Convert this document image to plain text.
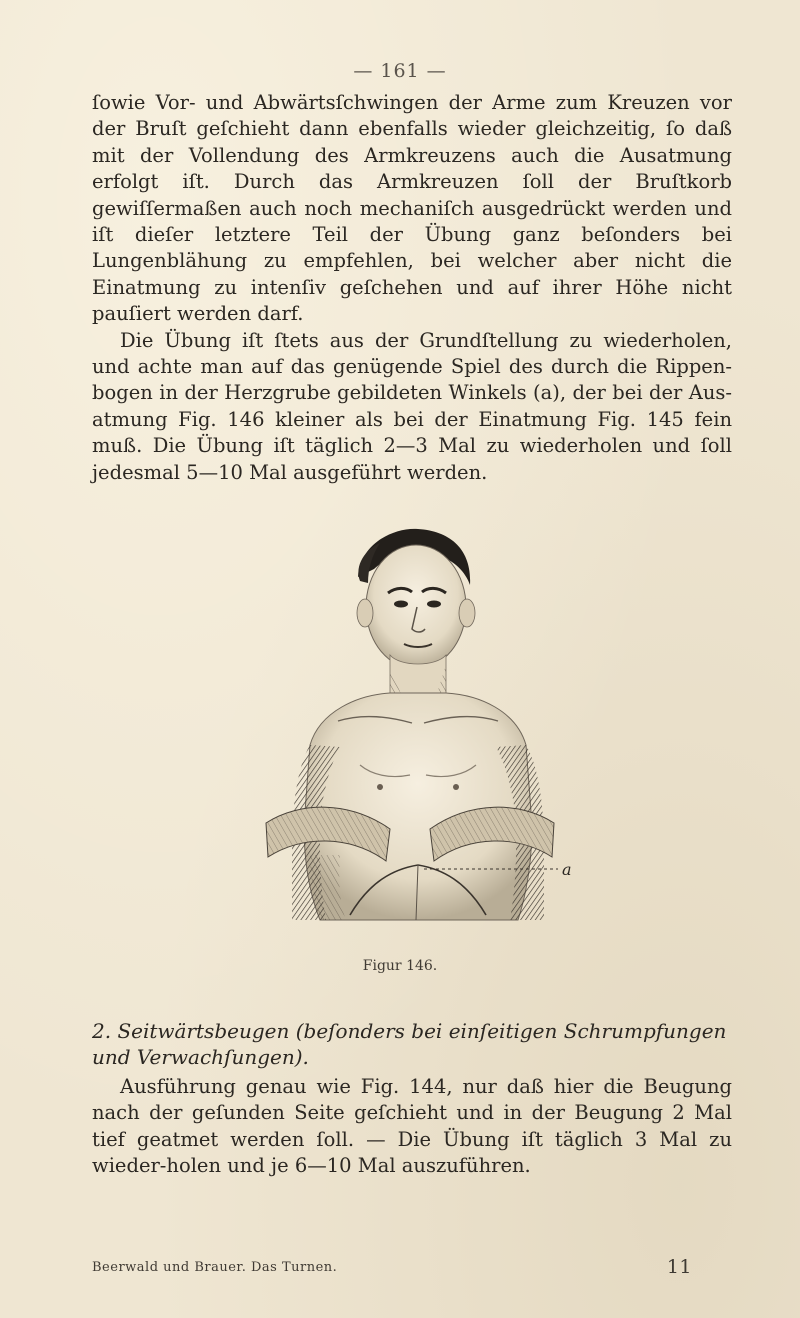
— 161 —

ſowie Vor- und Abwärtsſchwingen der Arme zum Kreuzen vor der Bruſt geſchieht dann ebenfalls wieder gleichzeitig, ſo daß mit der Vollendung des Armkreuzens auch die Ausatmung erfolgt iſt. Durch das Armkreuzen ſoll der Bruſtkorb gewiſſermaßen auch noch mechaniſch ausgedrückt werden und iſt dieſer letztere Teil der Übung ganz beſonders bei Lungenblähung zu empfehlen, bei welcher aber nicht die Einatmung zu intenſiv geſchehen und auf ihrer Höhe nicht pauſiert werden darf.

Die Übung iſt ſtets aus der Grundſtellung zu wiederholen, und achte man auf das genügende Spiel des durch die Rippen-bogen in der Herzgrube gebildeten Winkels (a), der bei der Aus-atmung Fig. 146 kleiner als bei der Einatmung Fig. 145 fein muß. Die Übung iſt täglich 2—3 Mal zu wiederholen und ſoll jedesmal 5—10 Mal ausgeführt werden.

a
Figur 146.

2. Seitwärtsbeugen (beſonders bei einſeitigen Schrumpfungen und Verwachſungen).

Ausführung genau wie Fig. 144, nur daß hier die Beugung nach der geſunden Seite geſchieht und in der Beugung 2 Mal tief geatmet werden ſoll. — Die Übung iſt täglich 3 Mal zu wieder-holen und je 6—10 Mal auszuführen.

Beerwald und Brauer. Das Turnen.	11
